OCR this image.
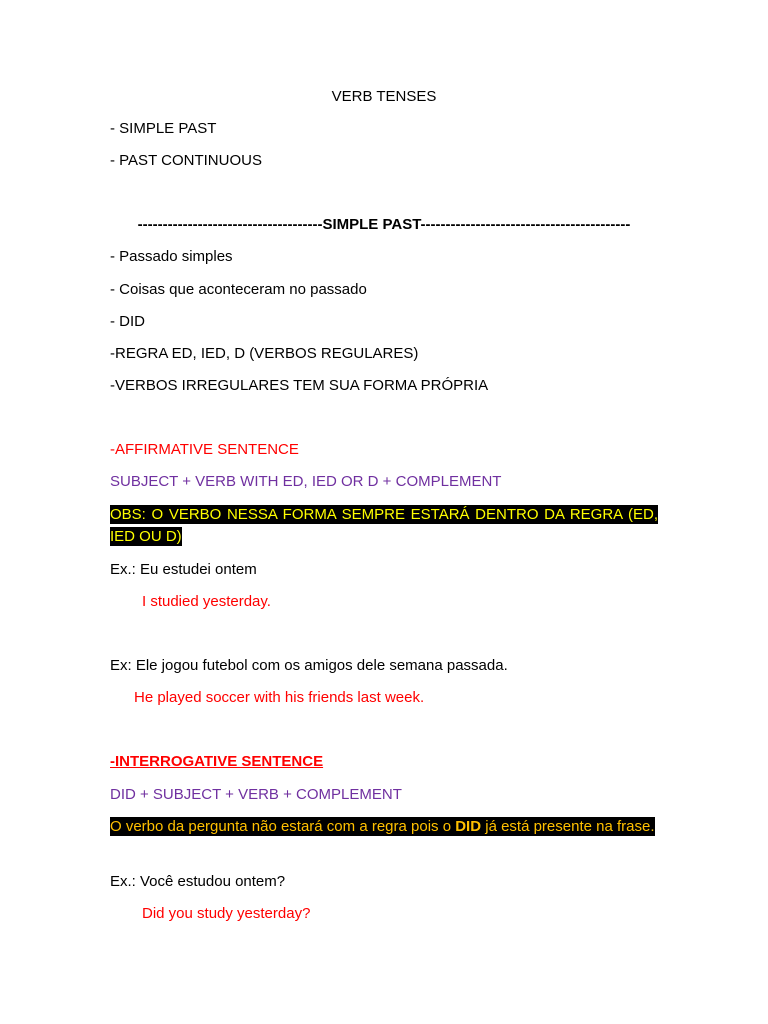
VERB TENSES
- SIMPLE PAST
- PAST CONTINUOUS
-------------------------------------SIMPLE PAST------------------------------------------
- Passado simples
- Coisas que aconteceram no passado
- DID
-REGRA ED, IED, D (VERBOS REGULARES)
-VERBOS IRREGULARES TEM SUA FORMA PRÓPRIA
-AFFIRMATIVE SENTENCE
SUBJECT + VERB WITH ED, IED OR D + COMPLEMENT
OBS: O VERBO NESSA FORMA SEMPRE ESTARÁ DENTRO DA REGRA (ED, IED OU D)
Ex.: Eu estudei ontem
I studied yesterday.
Ex: Ele jogou futebol com os amigos dele semana passada.
He played soccer with his friends last week.
-INTERROGATIVE SENTENCE
DID + SUBJECT + VERB + COMPLEMENT
O verbo da pergunta não estará com a regra pois o DID já está presente na frase.
Ex.: Você estudou ontem?
Did you study yesterday?
